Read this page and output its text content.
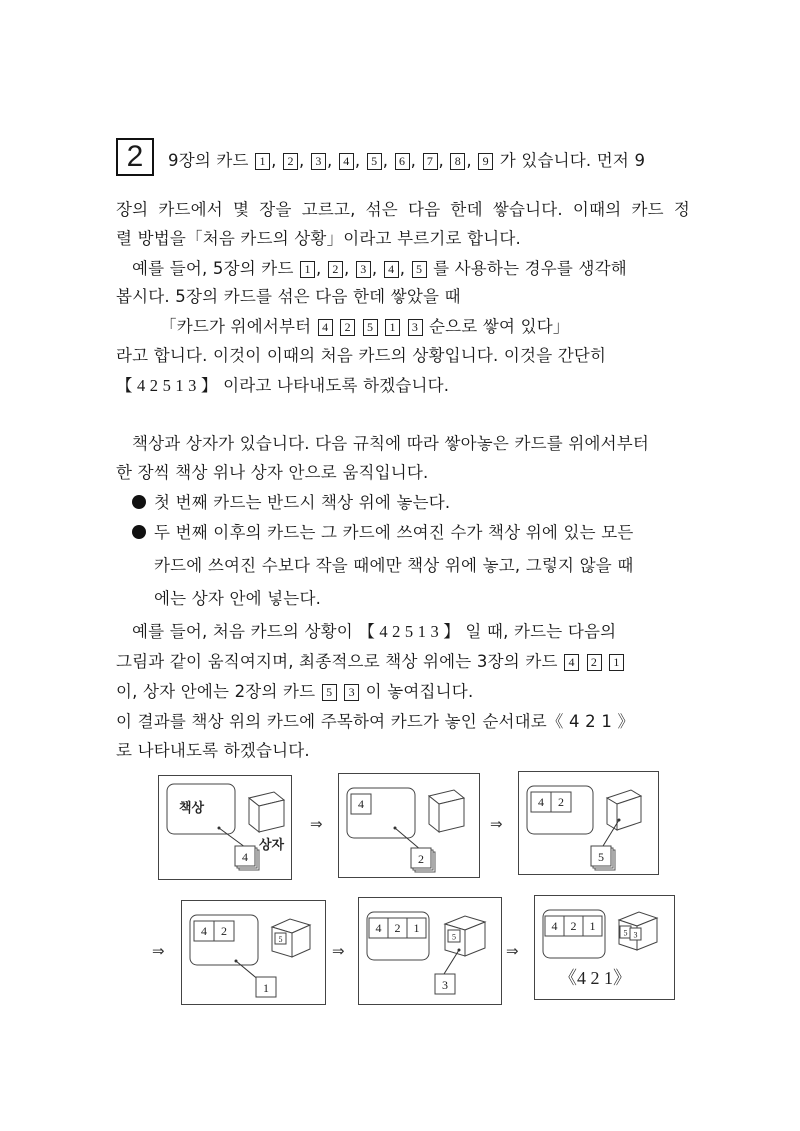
2	9장의 카드 1 , 2 , 3 , 4 , 5 , 6 , 7 , 8 , 9 가 있습니다. 먼저 9
장의 카드에서 몇 장을 고르고, 섞은 다음 한데 쌓습니다. 이때의 카드 정
렬 방법을「처음 카드의 상황」이라고 부르기로 합니다.
예를 들어, 5장의 카드 1 , 2 , 3 , 4 , 5 를 사용하는 경우를 생각해
봅시다. 5장의 카드를 섞은 다음 한데 쌓았을 때
「카드가 위에서부터 4 2 5 1 3 순으로 쌓여 있다」
라고 합니다. 이것이 이때의 처음 카드의 상황입니다. 이것을 간단히
【 4 2 5 1 3 】 이라고 나타내도록 하겠습니다.
책상과 상자가 있습니다. 다음 규칙에 따라 쌓아놓은 카드를 위에서부터
한 장씩 책상 위나 상자 안으로 움직입니다.
첫 번째 카드는 반드시 책상 위에 놓는다.
두 번째 이후의 카드는 그 카드에 쓰여진 수가 책상 위에 있는 모든
카드에 쓰여진 수보다 작을 때에만 책상 위에 놓고, 그렇지 않을 때
에는 상자 안에 넣는다.
예를 들어, 처음 카드의 상황이 【 4 2 5 1 3 】 일 때, 카드는 다음의
그림과 같이 움직여지며, 최종적으로 책상 위에는 3장의 카드 4 2 1
이, 상자 안에는 2장의 카드 5 3 이 놓여집니다.
이 결과를 책상 위의 카드에 주목하여 카드가 놓인 순서대로《 4 2 1 》
로 나타내도록 하겠습니다.
책상
상자
4
⇒
4
2
⇒
4 2
5
⇒
4 2
5
1
⇒
4 2 1
5
3
⇒
4 2 1	5 3
《4 2 1》
